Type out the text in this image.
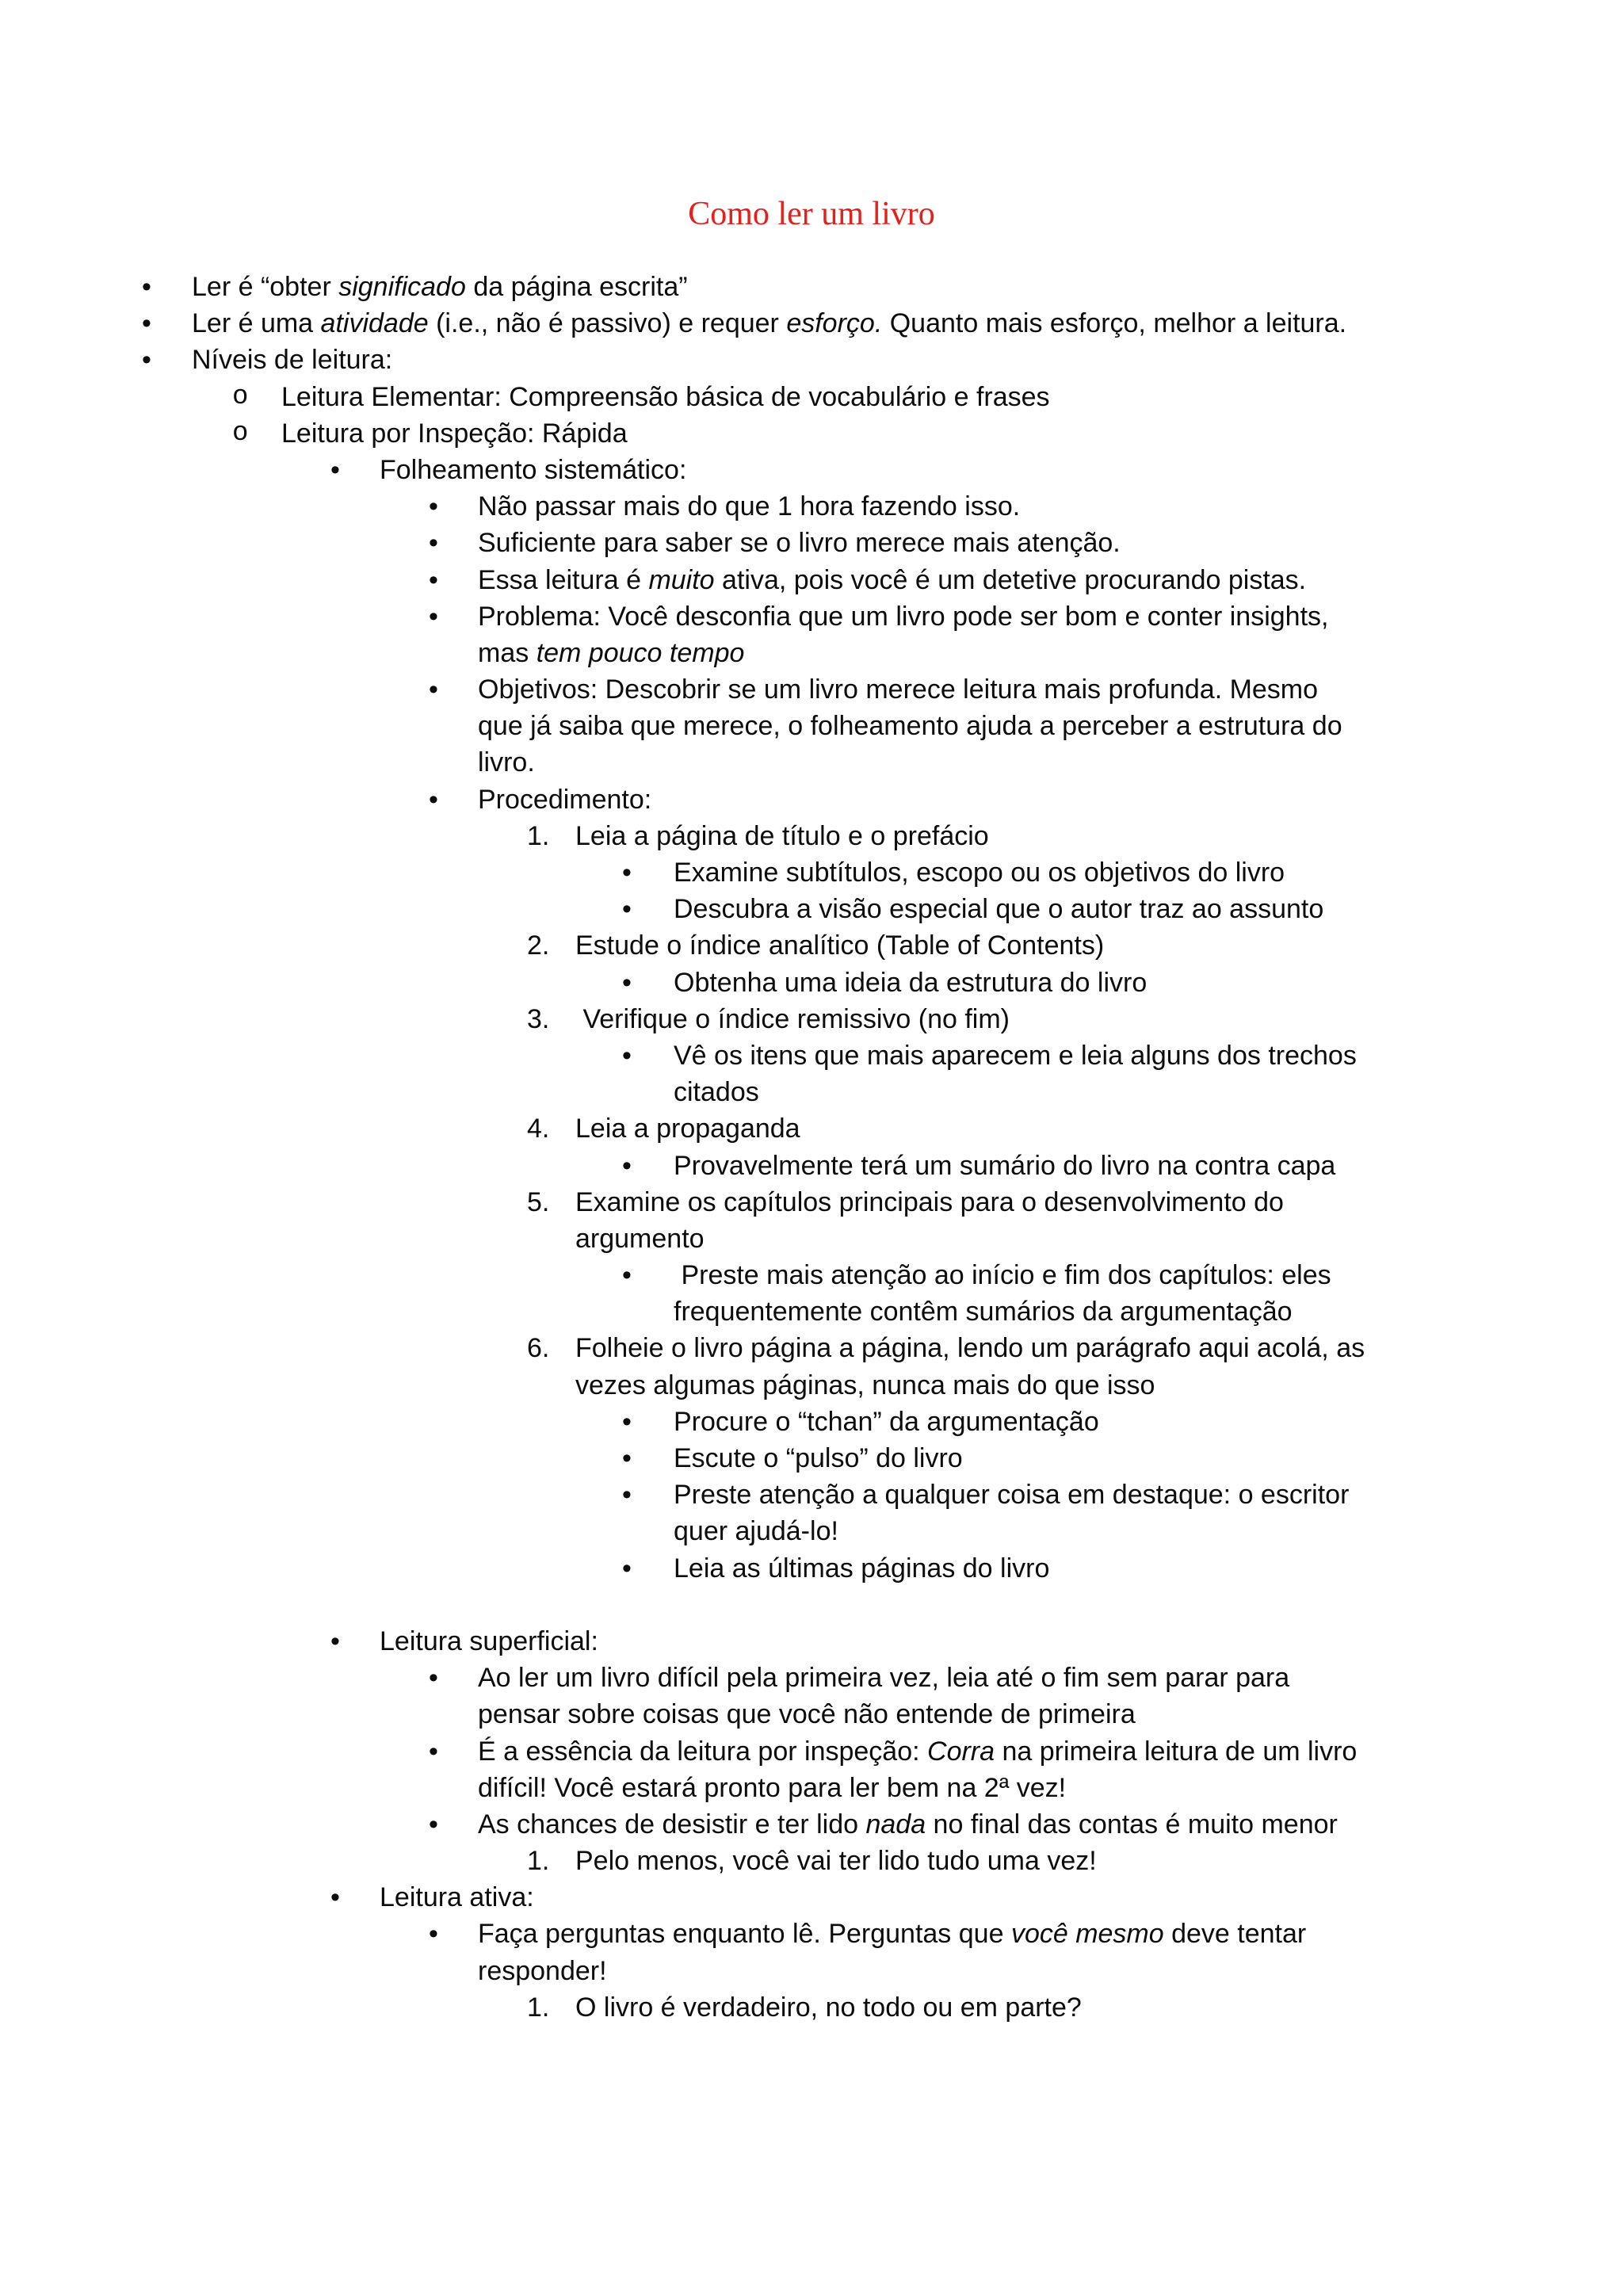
Como ler um livro
• Ler é “obter significado da página escrita”
• Ler é uma atividade (i.e., não é passivo) e requer esforço. Quanto mais esforço, melhor a leitura.
• Níveis de leitura:
o Leitura Elementar: Compreensão básica de vocabulário e frases
o Leitura por Inspeção: Rápida
• Folheamento sistemático:
• Não passar mais do que 1 hora fazendo isso.
• Suficiente para saber se o livro merece mais atenção.
• Essa leitura é muito ativa, pois você é um detetive procurando pistas.
• Problema: Você desconfia que um livro pode ser bom e conter insights,
mas tem pouco tempo
• Objetivos: Descobrir se um livro merece leitura mais profunda. Mesmo
que já saiba que merece, o folheamento ajuda a perceber a estrutura do
livro.
• Procedimento:
1. Leia a página de título e o prefácio
• Examine subtítulos, escopo ou os objetivos do livro
• Descubra a visão especial que o autor traz ao assunto
2. Estude o índice analítico (Table of Contents)
• Obtenha uma ideia da estrutura do livro
3. Verifique o índice remissivo (no fim)
• Vê os itens que mais aparecem e leia alguns dos trechos
citados
4. Leia a propaganda
• Provavelmente terá um sumário do livro na contra capa
5. Examine os capítulos principais para o desenvolvimento do
argumento
• Preste mais atenção ao início e fim dos capítulos: eles
frequentemente contêm sumários da argumentação
6. Folheie o livro página a página, lendo um parágrafo aqui acolá, as
vezes algumas páginas, nunca mais do que isso
• Procure o “tchan” da argumentação
• Escute o “pulso” do livro
• Preste atenção a qualquer coisa em destaque: o escritor
quer ajudá-lo!
• Leia as últimas páginas do livro
• Leitura superficial:
• Ao ler um livro difícil pela primeira vez, leia até o fim sem parar para
pensar sobre coisas que você não entende de primeira
• É a essência da leitura por inspeção: Corra na primeira leitura de um livro
difícil! Você estará pronto para ler bem na 2ª vez!
• As chances de desistir e ter lido nada no final das contas é muito menor
1. Pelo menos, você vai ter lido tudo uma vez!
• Leitura ativa:
• Faça perguntas enquanto lê. Perguntas que você mesmo deve tentar
responder!
1. O livro é verdadeiro, no todo ou em parte?
